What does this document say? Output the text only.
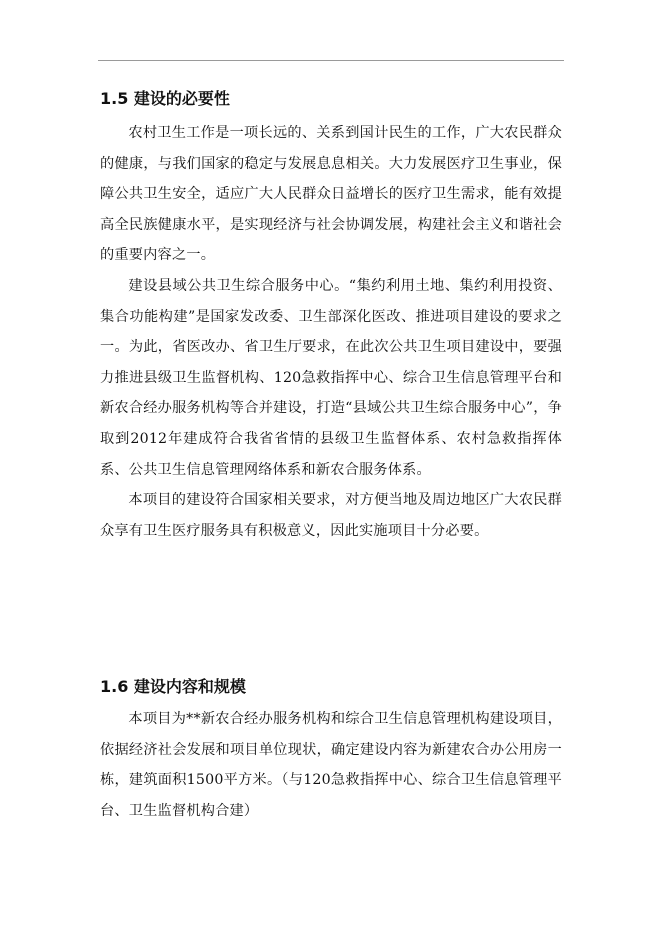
1.5 建设的必要性

农村卫生工作是一项长远的、关系到国计民生的工作，广大农民群众的健康，与我们国家的稳定与发展息息相关。大力发展医疗卫生事业，保障公共卫生安全，适应广大人民群众日益增长的医疗卫生需求，能有效提高全民族健康水平，是实现经济与社会协调发展，构建社会主义和谐社会的重要内容之一。

建设县域公共卫生综合服务中心。“集约利用土地、集约利用投资、集合功能构建”是国家发改委、卫生部深化医改、推进项目建设的要求之一。为此，省医改办、省卫生厅要求，在此次公共卫生项目建设中，要强力推进县级卫生监督机构、120急救指挥中心、综合卫生信息管理平台和新农合经办服务机构等合并建设，打造“县域公共卫生综合服务中心”，争取到2012年建成符合我省省情的县级卫生监督体系、农村急救指挥体系、公共卫生信息管理网络体系和新农合服务体系。

本项目的建设符合国家相关要求，对方便当地及周边地区广大农民群众享有卫生医疗服务具有积极意义，因此实施项目十分必要。

1.6 建设内容和规模

本项目为**新农合经办服务机构和综合卫生信息管理机构建设项目，依据经济社会发展和项目单位现状，确定建设内容为新建农合办公用房一栋，建筑面积1500平方米。（与120急救指挥中心、综合卫生信息管理平台、卫生监督机构合建）
